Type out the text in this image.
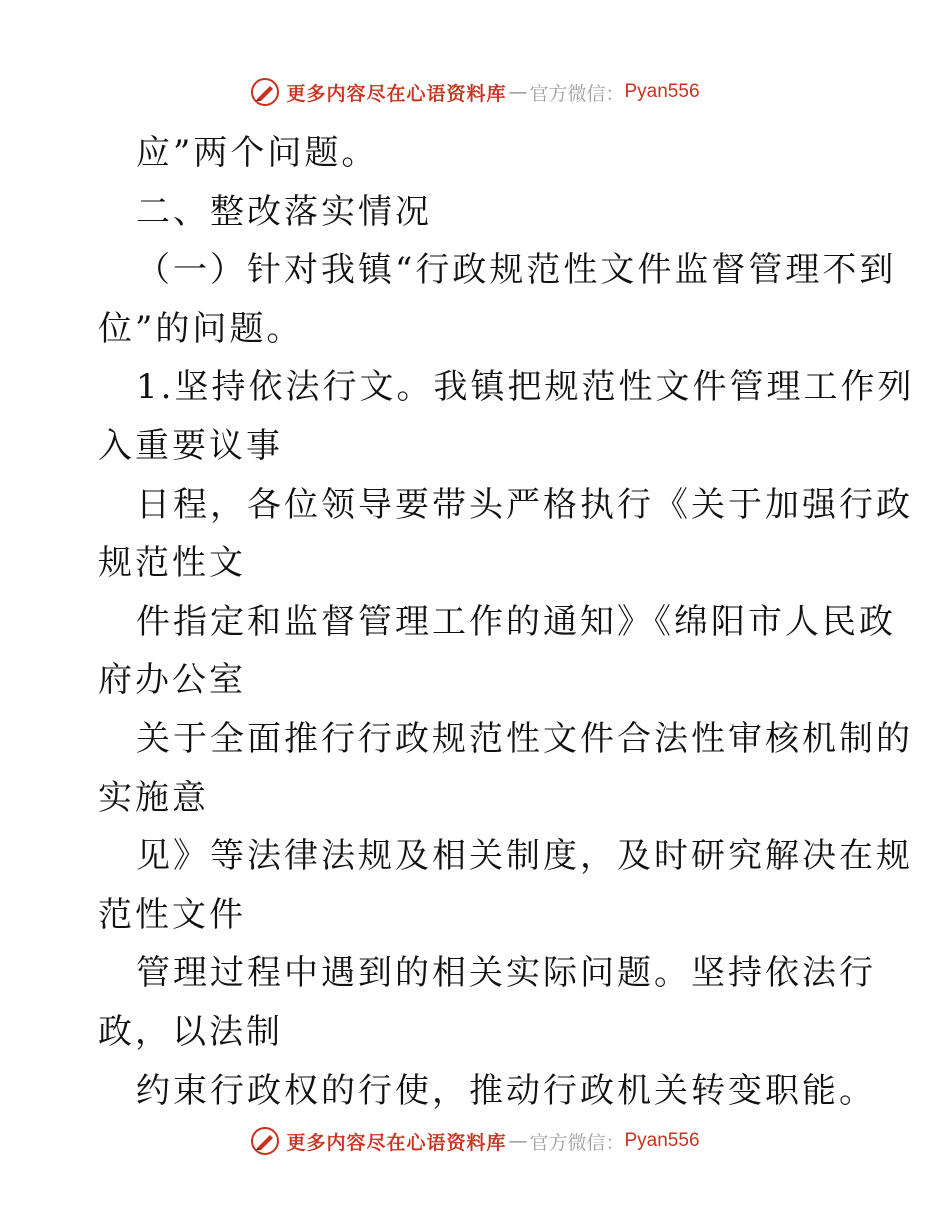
更多内容尽在心语资料库 — 官方微信： Pyan556
应”两个问题。
二、整改落实情况
（一）针对我镇“行政规范性文件监督管理不到
位”的问题。
1.坚持依法行文。我镇把规范性文件管理工作列
入重要议事
日程，各位领导要带头严格执行《关于加强行政
规范性文
件指定和监督管理工作的通知》《绵阳市人民政
府办公室
关于全面推行行政规范性文件合法性审核机制的
实施意
见》等法律法规及相关制度，及时研究解决在规
范性文件
管理过程中遇到的相关实际问题。坚持依法行
政，以法制
约束行政权的行使，推动行政机关转变职能。
更多内容尽在心语资料库 — 官方微信： Pyan556
